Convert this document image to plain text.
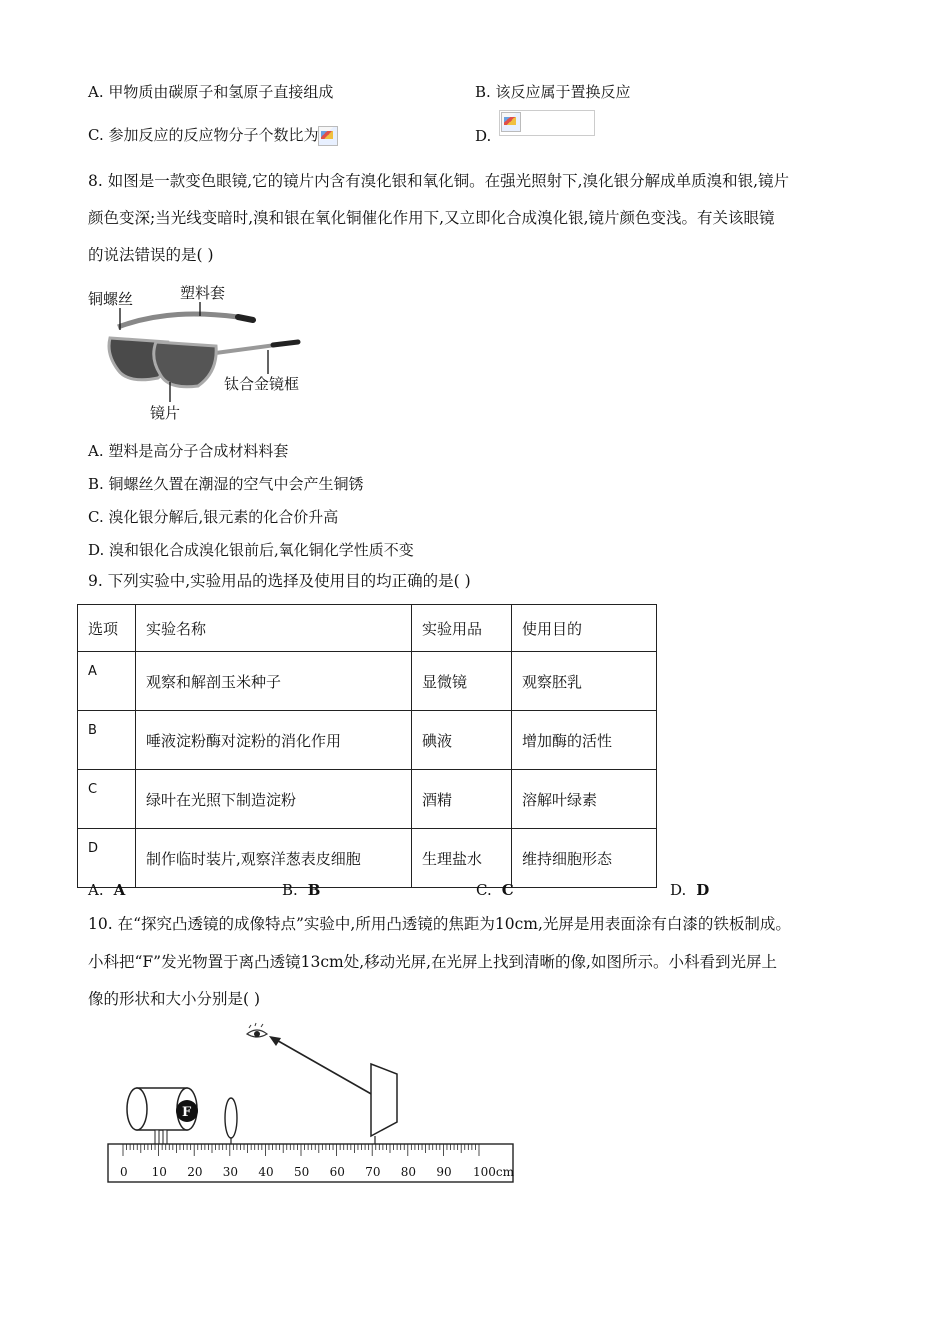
A. 甲物质由碳原子和氢原子直接组成	B. 该反应属于置换反应
C. 参加反应的反应物分子个数比为	D.
8. 如图是一款变色眼镜,它的镜片内含有溴化银和氧化铜。在强光照射下,溴化银分解成单质溴和银,镜片
颜色变深;当光线变暗时,溴和银在氧化铜催化作用下,又立即化合成溴化银,镜片颜色变浅。有关该眼镜
的说法错误的是( )
铜螺丝	塑料套
钛合金镜框
镜片
A. 塑料是高分子合成材料料套
B. 铜螺丝久置在潮湿的空气中会产生铜锈
C. 溴化银分解后,银元素的化合价升高
D. 溴和银化合成溴化银前后,氧化铜化学性质不变
9. 下列实验中,实验用品的选择及使用目的均正确的是( )
选项	实验名称	实验用品	使用目的
A	观察和解剖玉米种子	显微镜	观察胚乳
B	唾液淀粉酶对淀粉的消化作用	碘液	增加酶的活性
C	绿叶在光照下制造淀粉	酒精	溶解叶绿素
D	制作临时装片,观察洋葱表皮细胞	生理盐水	维持细胞形态
A. A	B. B	C. C	D. D
10. 在“探究凸透镜的成像特点”实验中,所用凸透镜的焦距为10cm,光屏是用表面涂有白漆的铁板制成。
小科把“F”发光物置于离凸透镜13cm处,移动光屏,在光屏上找到清晰的像,如图所示。小科看到光屏上
像的形状和大小分别是( )
F
0 10 20 30 40 50 60 70 80 90 100cm
